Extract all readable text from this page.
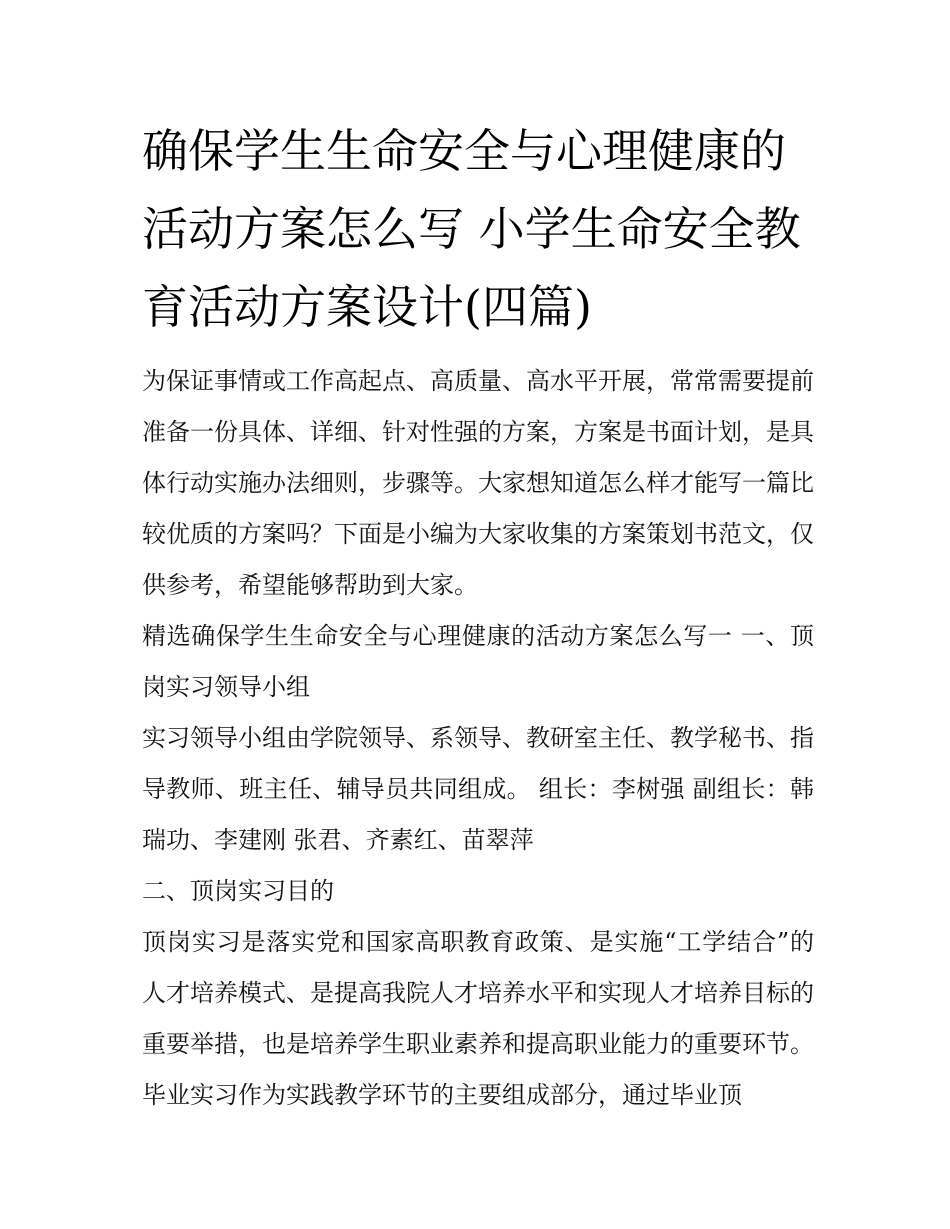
确保学生生命安全与心理健康的活动方案怎么写 小学生命安全教育活动方案设计(四篇)

为保证事情或工作高起点、高质量、高水平开展，常常需要提前准备一份具体、详细、针对性强的方案，方案是书面计划，是具体行动实施办法细则，步骤等。大家想知道怎么样才能写一篇比较优质的方案吗？下面是小编为大家收集的方案策划书范文，仅供参考，希望能够帮助到大家。

精选确保学生生命安全与心理健康的活动方案怎么写一 一、顶岗实习领导小组

实习领导小组由学院领导、系领导、教研室主任、教学秘书、指导教师、班主任、辅导员共同组成。 组长：李树强 副组长：韩瑞功、李建刚 张君、齐素红、苗翠萍

二、顶岗实习目的

顶岗实习是落实党和国家高职教育政策、是实施“工学结合”的人才培养模式、是提高我院人才培养水平和实现人才培养目标的重要举措，也是培养学生职业素养和提高职业能力的重要环节。毕业实习作为实践教学环节的主要组成部分，通过毕业顶
